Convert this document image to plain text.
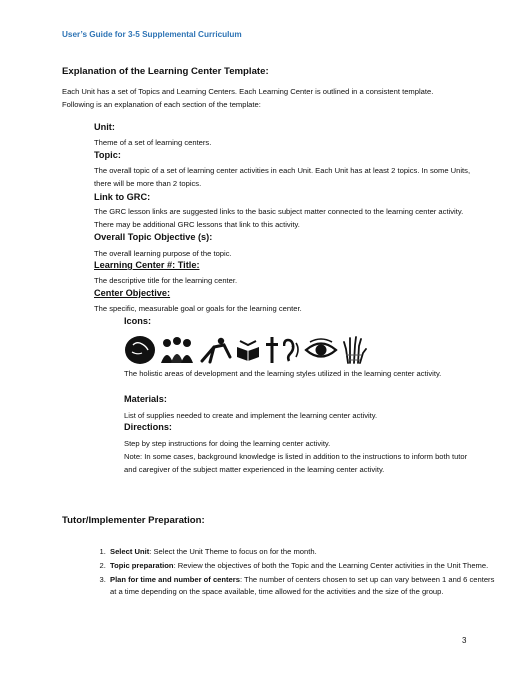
User’s Guide for 3-5 Supplemental Curriculum
Explanation of the Learning Center Template:
Each Unit has a set of Topics and Learning Centers. Each Learning Center is outlined in a consistent template. Following is an explanation of each section of the template:
Unit:
Theme of a set of learning centers.
Topic:
The overall topic of a set of learning center activities in each Unit. Each Unit has at least 2 topics. In some Units, there will be more than 2 topics.
Link to GRC:
The GRC lesson links are suggested links to the basic subject matter connected to the learning center activity. There may be additional GRC lessons that link to this activity.
Overall Topic Objective (s):
The overall learning purpose of the topic.
Learning Center #: Title:
The descriptive title for the learning center.
Center Objective:
The specific, measurable goal or goals for the learning center.
Icons:
The holistic areas of development and the learning styles utilized in the learning center activity.
Materials:
List of supplies needed to create and implement the learning center activity.
Directions:
Step by step instructions for doing the learning center activity.
Note: In some cases, background knowledge is listed in addition to the instructions to inform both tutor and caregiver of the subject matter experienced in the learning center activity.
Tutor/Implementer Preparation:
1. Select Unit: Select the Unit Theme to focus on for the month.
2. Topic preparation: Review the objectives of both the Topic and the Learning Center activities in the Unit Theme.
3. Plan for time and number of centers: The number of centers chosen to set up can vary between 1 and 6 centers at a time depending on the space available, time allowed for the activities and the size of the group.
3
